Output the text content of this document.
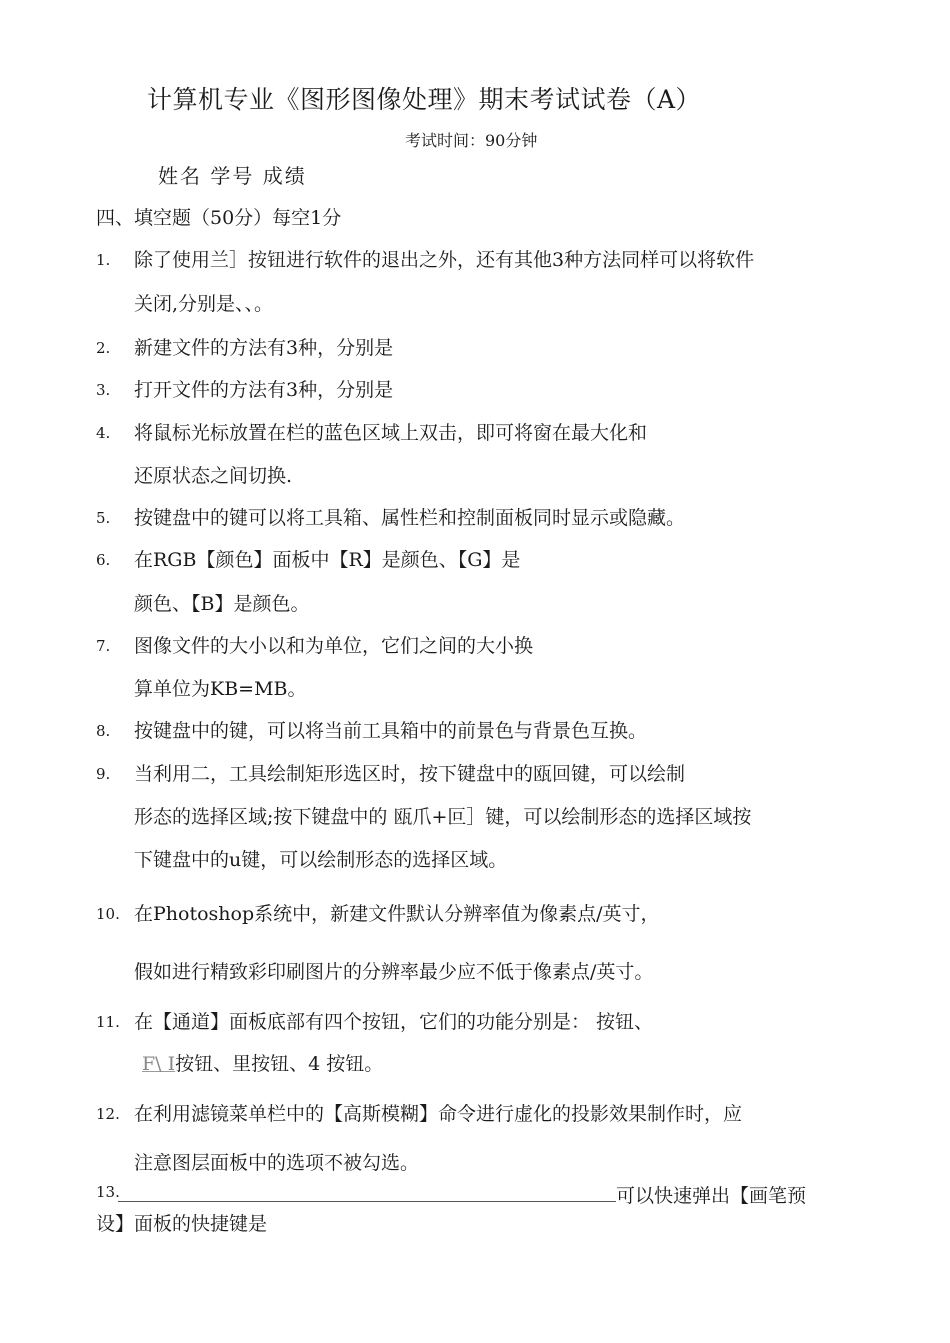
计算机专业《图形图像处理》期末考试试卷（A）
考试时间：90分钟
姓名 学号 成绩
四、填空题（50分）每空1分
1. 除了使用兰］按钮进行软件的退出之外，还有其他3种方法同样可以将软件
关闭,分别是、、。
2. 新建文件的方法有3种，分别是
3. 打开文件的方法有3种，分别是
4. 将鼠标光标放置在栏的蓝色区域上双击，即可将窗在最大化和
还原状态之间切换.
5. 按键盘中的键可以将工具箱、属性栏和控制面板同时显示或隐藏。
6. 在RGB【颜色】面板中【R】是颜色、【G】是
颜色、【B】是颜色。
7. 图像文件的大小以和为单位，它们之间的大小换
算单位为KB=MB。
8. 按键盘中的键，可以将当前工具箱中的前景色与背景色互换。
9. 当利用二，工具绘制矩形选区时，按下键盘中的瓯回键，可以绘制
形态的选择区域;按下键盘中的 瓯爪+叵］键，可以绘制形态的选择区域按
下键盘中的u键，可以绘制形态的选择区域。
10. 在Photoshop系统中，新建文件默认分辨率值为像素点/英寸，
假如进行精致彩印刷图片的分辨率最少应不低于像素点/英寸。
11. 在【通道】面板底部有四个按钮，它们的功能分别是： 按钮、
F\ I按钮、里按钮、4 按钮。
12. 在利用滤镜菜单栏中的【高斯模糊】命令进行虚化的投影效果制作时，应
注意图层面板中的选项不被勾选。
13.	可以快速弹出【画笔预
设】面板的快捷键是
